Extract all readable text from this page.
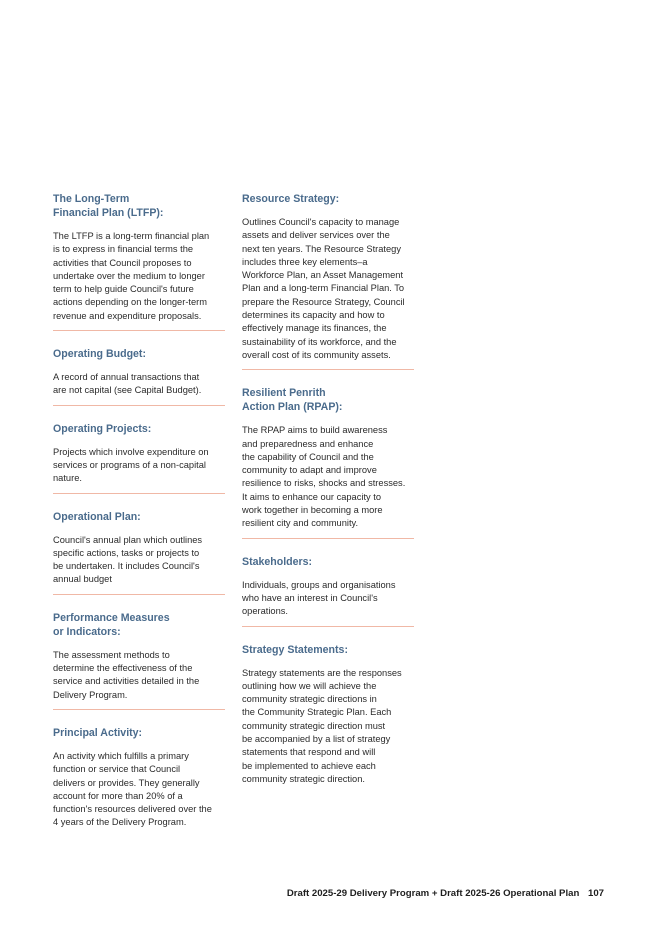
The Long-Term
Financial Plan (LTFP):
The LTFP is a long-term financial plan
is to express in financial terms the
activities that Council proposes to
undertake over the medium to longer
term to help guide Council's future
actions depending on the longer-term
revenue and expenditure proposals.
Operating Budget:
A record of annual transactions that
are not capital (see Capital Budget).
Operating Projects:
Projects which involve expenditure on
services or programs of a non-capital
nature.
Operational Plan:
Council's annual plan which outlines
specific actions, tasks or projects to
be undertaken. It includes Council's
annual budget
Performance Measures
or Indicators:
The assessment methods to
determine the effectiveness of the
service and activities detailed in the
Delivery Program.
Principal Activity:
An activity which fulfills a primary
function or service that Council
delivers or provides. They generally
account for more than 20% of a
function's resources delivered over the
4 years of the Delivery Program.
Resource Strategy:
Outlines Council's capacity to manage
assets and deliver services over the
next ten years. The Resource Strategy
includes three key elements–a
Workforce Plan, an Asset Management
Plan and a long-term Financial Plan. To
prepare the Resource Strategy, Council
determines its capacity and how to
effectively manage its finances, the
sustainability of its workforce, and the
overall cost of its community assets.
Resilient Penrith
Action Plan (RPAP):
The RPAP aims to build awareness
and preparedness and enhance
the capability of Council and the
community to adapt and improve
resilience to risks, shocks and stresses.
It aims to enhance our capacity to
work together in becoming a more
resilient city and community.
Stakeholders:
Individuals, groups and organisations
who have an interest in Council's
operations.
Strategy Statements:
Strategy statements are the responses
outlining how we will achieve the
community strategic directions in
the Community Strategic Plan. Each
community strategic direction must
be accompanied by a list of strategy
statements that respond and will
be implemented to achieve each
community strategic direction.
Draft 2025-29 Delivery Program + Draft 2025-26 Operational Plan 107
